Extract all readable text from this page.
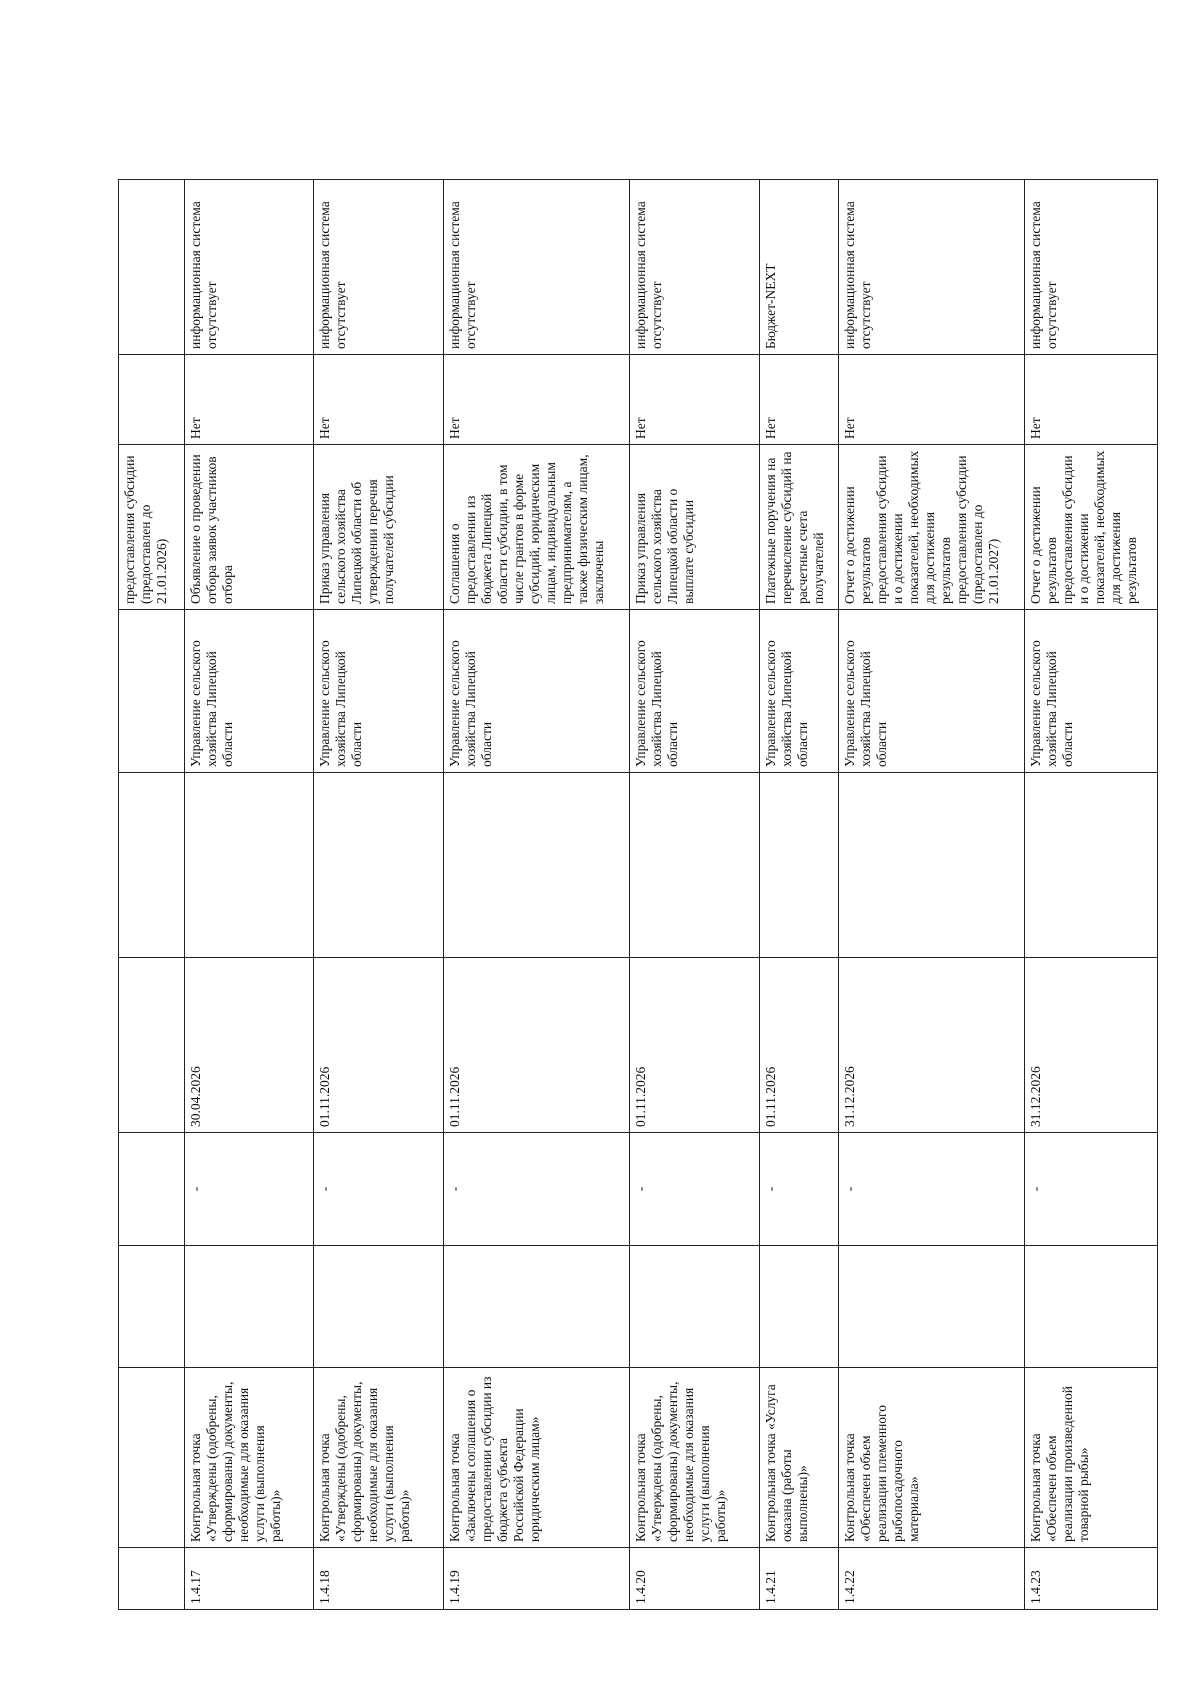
							предоставления субсидии (предоставлен до 21.01.2026)		
1.4.17	Контрольная точка «Утверждены (одобрены, сформированы) документы, необходимые для оказания услуги (выполнения работы)»		-	30.04.2026		Управление сельского хозяйства Липецкой области	Объявление о проведении отбора заявок участников отбора	Нет	информационная система отсутствует
1.4.18	Контрольная точка «Утверждены (одобрены, сформированы) документы, необходимые для оказания услуги (выполнения работы)»		-	01.11.2026		Управление сельского хозяйства Липецкой области	Приказ управления сельского хозяйства Липецкой области об утверждении перечня получателей субсидии	Нет	информационная система отсутствует
1.4.19	Контрольная точка «Заключены соглашения о предоставлении субсидии из бюджета субъекта Российской Федерации юридическим лицам»		-	01.11.2026		Управление сельского хозяйства Липецкой области	Соглашения о предоставлении из бюджета Липецкой области субсидии, в том числе грантов в форме субсидий, юридическим лицам, индивидуальным предпринимателям, а также физическим лицам, заключены	Нет	информационная система отсутствует
1.4.20	Контрольная точка «Утверждены (одобрены, сформированы) документы, необходимые для оказания услуги (выполнения работы)»		-	01.11.2026		Управление сельского хозяйства Липецкой области	Приказ управления сельского хозяйства Липецкой области о выплате субсидии	Нет	информационная система отсутствует
1.4.21	Контрольная точка «Услуга оказана (работы выполнены)»		-	01.11.2026		Управление сельского хозяйства Липецкой области	Платежные поручения на перечисление субсидий на расчетные счета получателей	Нет	Бюджет-NEXT
1.4.22	Контрольная точка «Обеспечен объем реализации племенного рыбопосадочного материала»		-	31.12.2026		Управление сельского хозяйства Липецкой области	Отчет о достижении результатов предоставления субсидии и о достижении показателей, необходимых для достижения результатов предоставления субсидии (предоставлен до 21.01.2027)	Нет	информационная система отсутствует
1.4.23	Контрольная точка «Обеспечен объем реализации произведенной товарной рыбы»		-	31.12.2026		Управление сельского хозяйства Липецкой области	Отчет о достижении результатов предоставления субсидии и о достижении показателей, необходимых для достижения результатов	Нет	информационная система отсутствует
